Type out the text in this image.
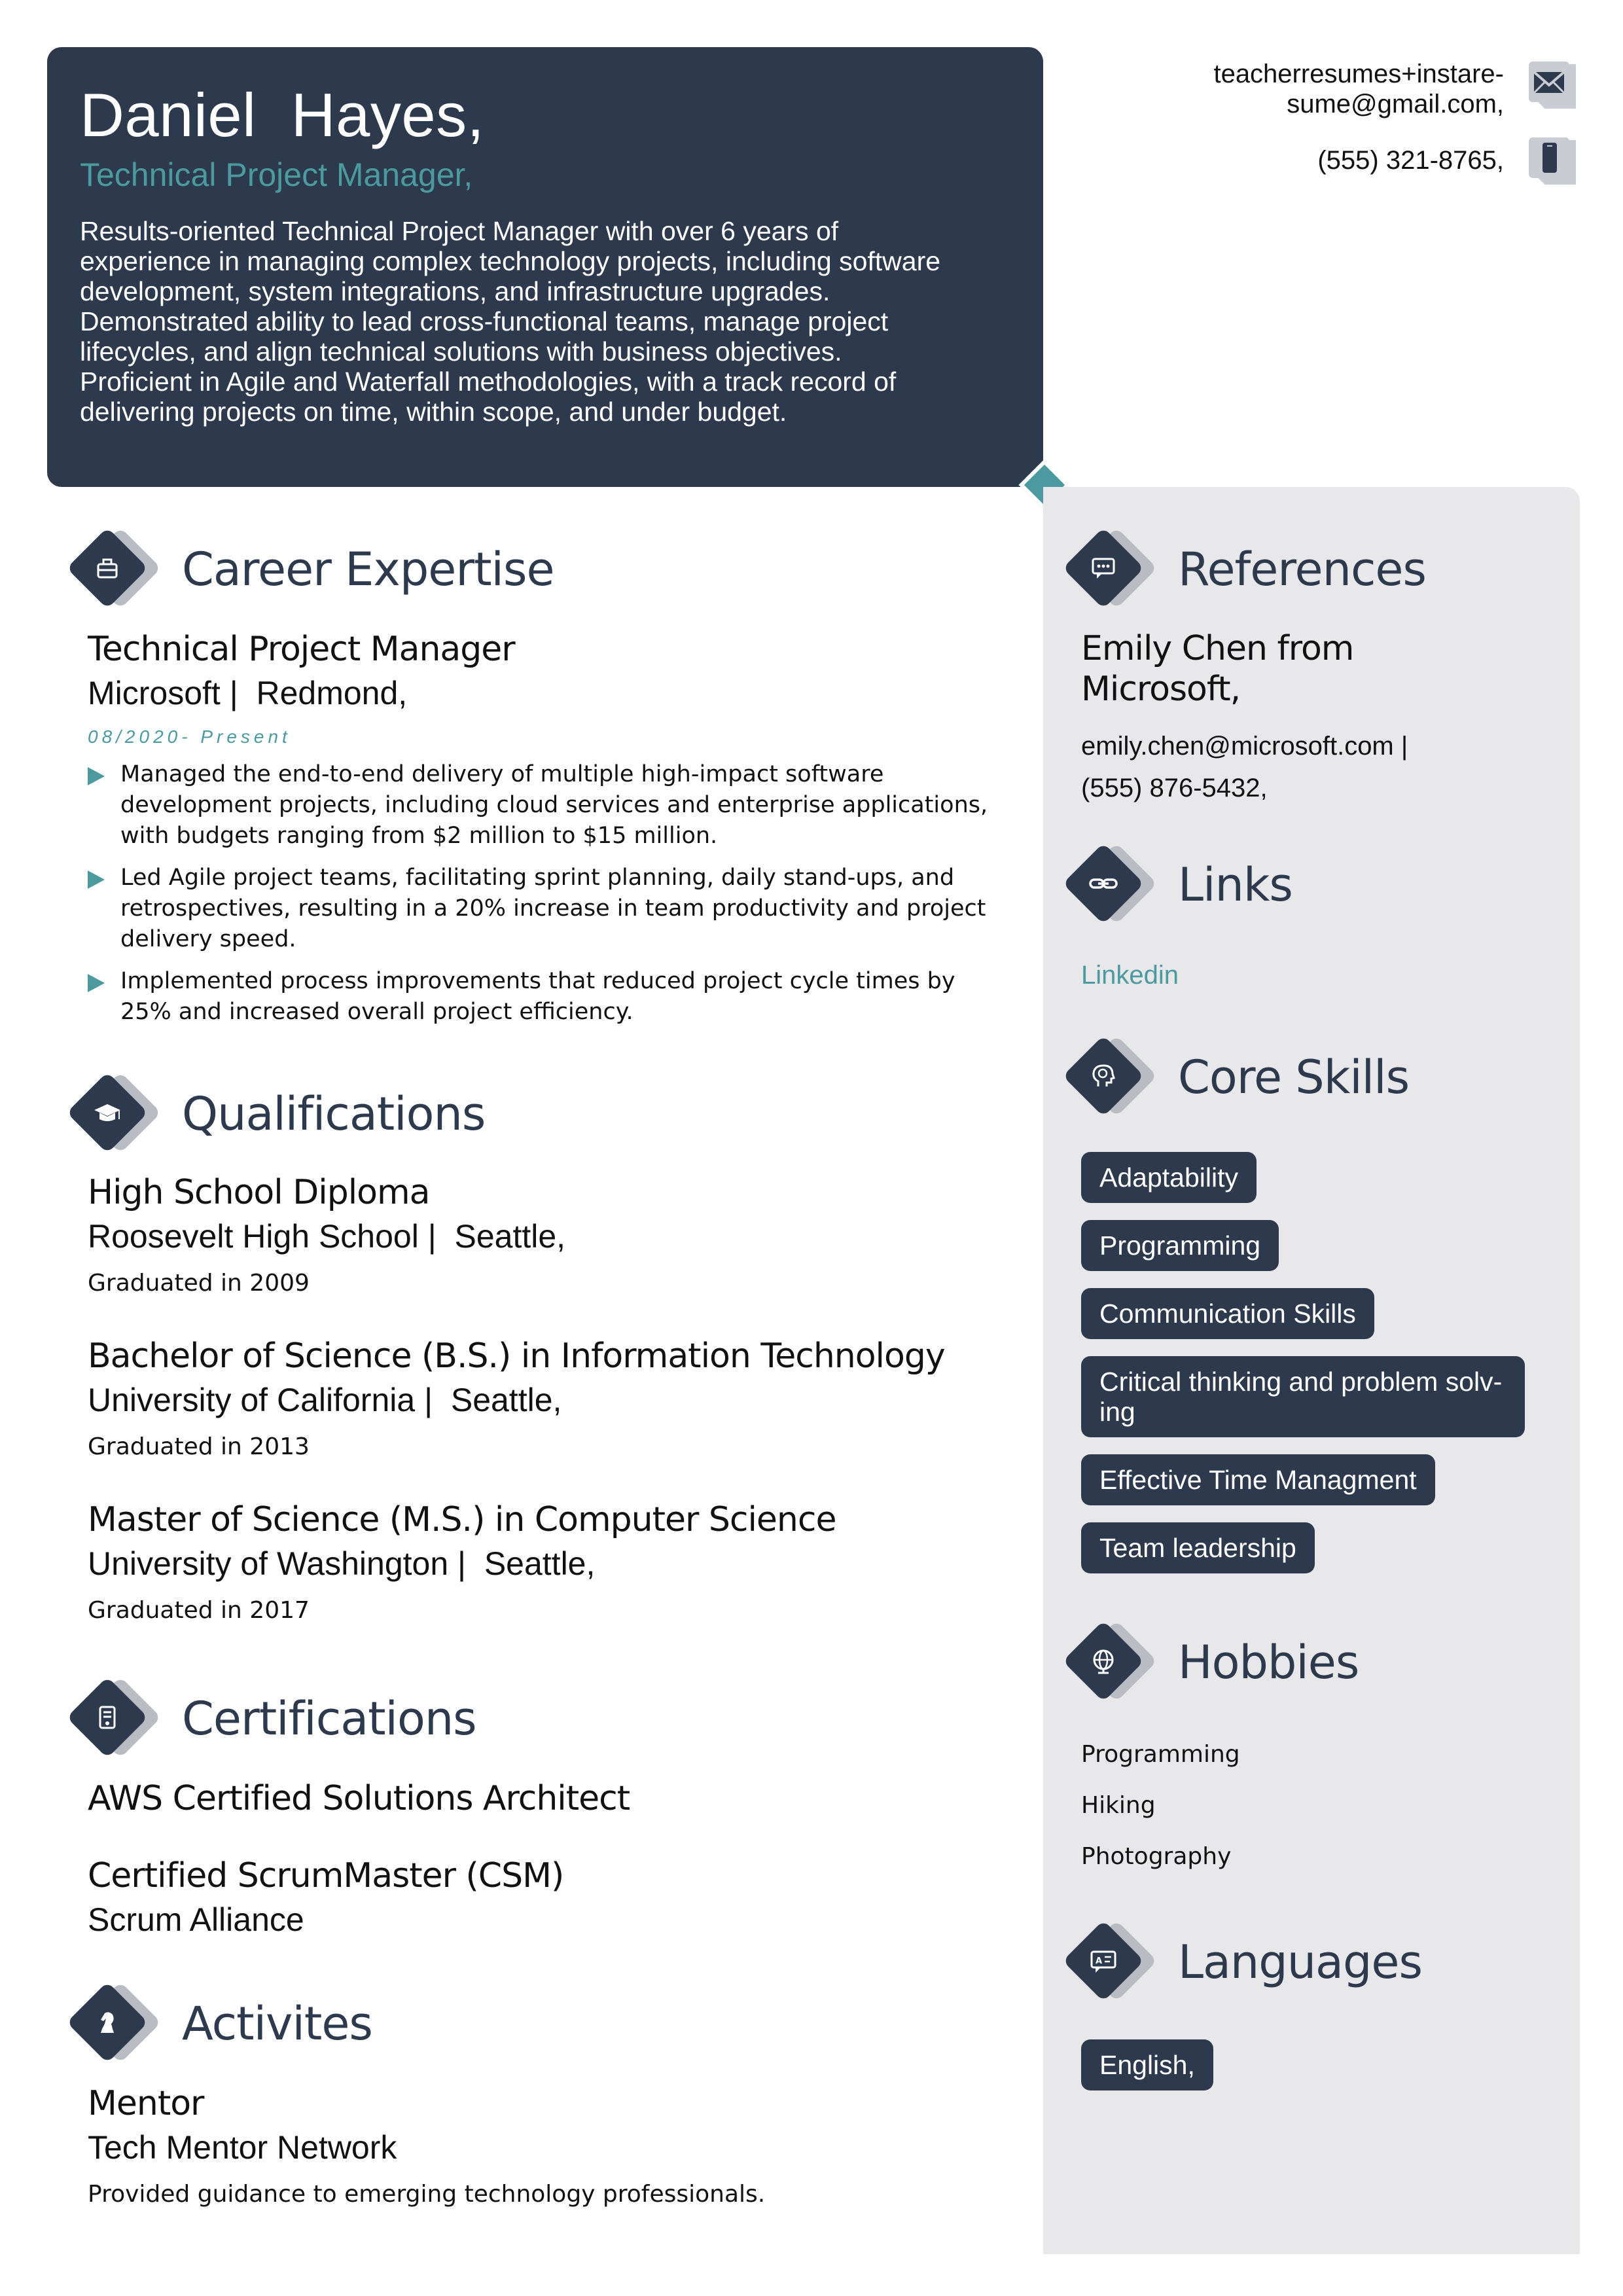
Daniel Hayes,
Technical Project Manager,
Results-oriented Technical Project Manager with over 6 years of experience in managing complex technology projects, including software development, system integrations, and infrastructure upgrades. Demonstrated ability to lead cross-functional teams, manage project lifecycles, and align technical solutions with business objectives. Proficient in Agile and Waterfall methodologies, with a track record of delivering projects on time, within scope, and under budget.
teacherresumes+instare-
sume@gmail.com,
(555) 321-8765,
Career Expertise
Technical Project Manager
Microsoft |  Redmond,
08/2020- Present
Managed the end-to-end delivery of multiple high-impact software development projects, including cloud services and enterprise applications, with budgets ranging from $2 million to $15 million.
Led Agile project teams, facilitating sprint planning, daily stand-ups, and retrospectives, resulting in a 20% increase in team productivity and project delivery speed.
Implemented process improvements that reduced project cycle times by 25% and increased overall project efficiency.
Qualifications
High School Diploma
Roosevelt High School |  Seattle,
Graduated in 2009
Bachelor of Science (B.S.) in Information Technology
University of California |  Seattle,
Graduated in 2013
Master of Science (M.S.) in Computer Science
University of Washington |  Seattle,
Graduated in 2017
Certifications
AWS Certified Solutions Architect
Certified ScrumMaster (CSM)
Scrum Alliance
Activites
Mentor
Tech Mentor Network
Provided guidance to emerging technology professionals.
References
Emily Chen from Microsoft,
emily.chen@microsoft.com |
(555) 876-5432,
Links
Linkedin
Core Skills
Adaptability
Programming
Communication Skills
Critical thinking and problem solv- ing
Effective Time Managment
Team leadership
Hobbies
Programming
Hiking
Photography
A Languages
English,
